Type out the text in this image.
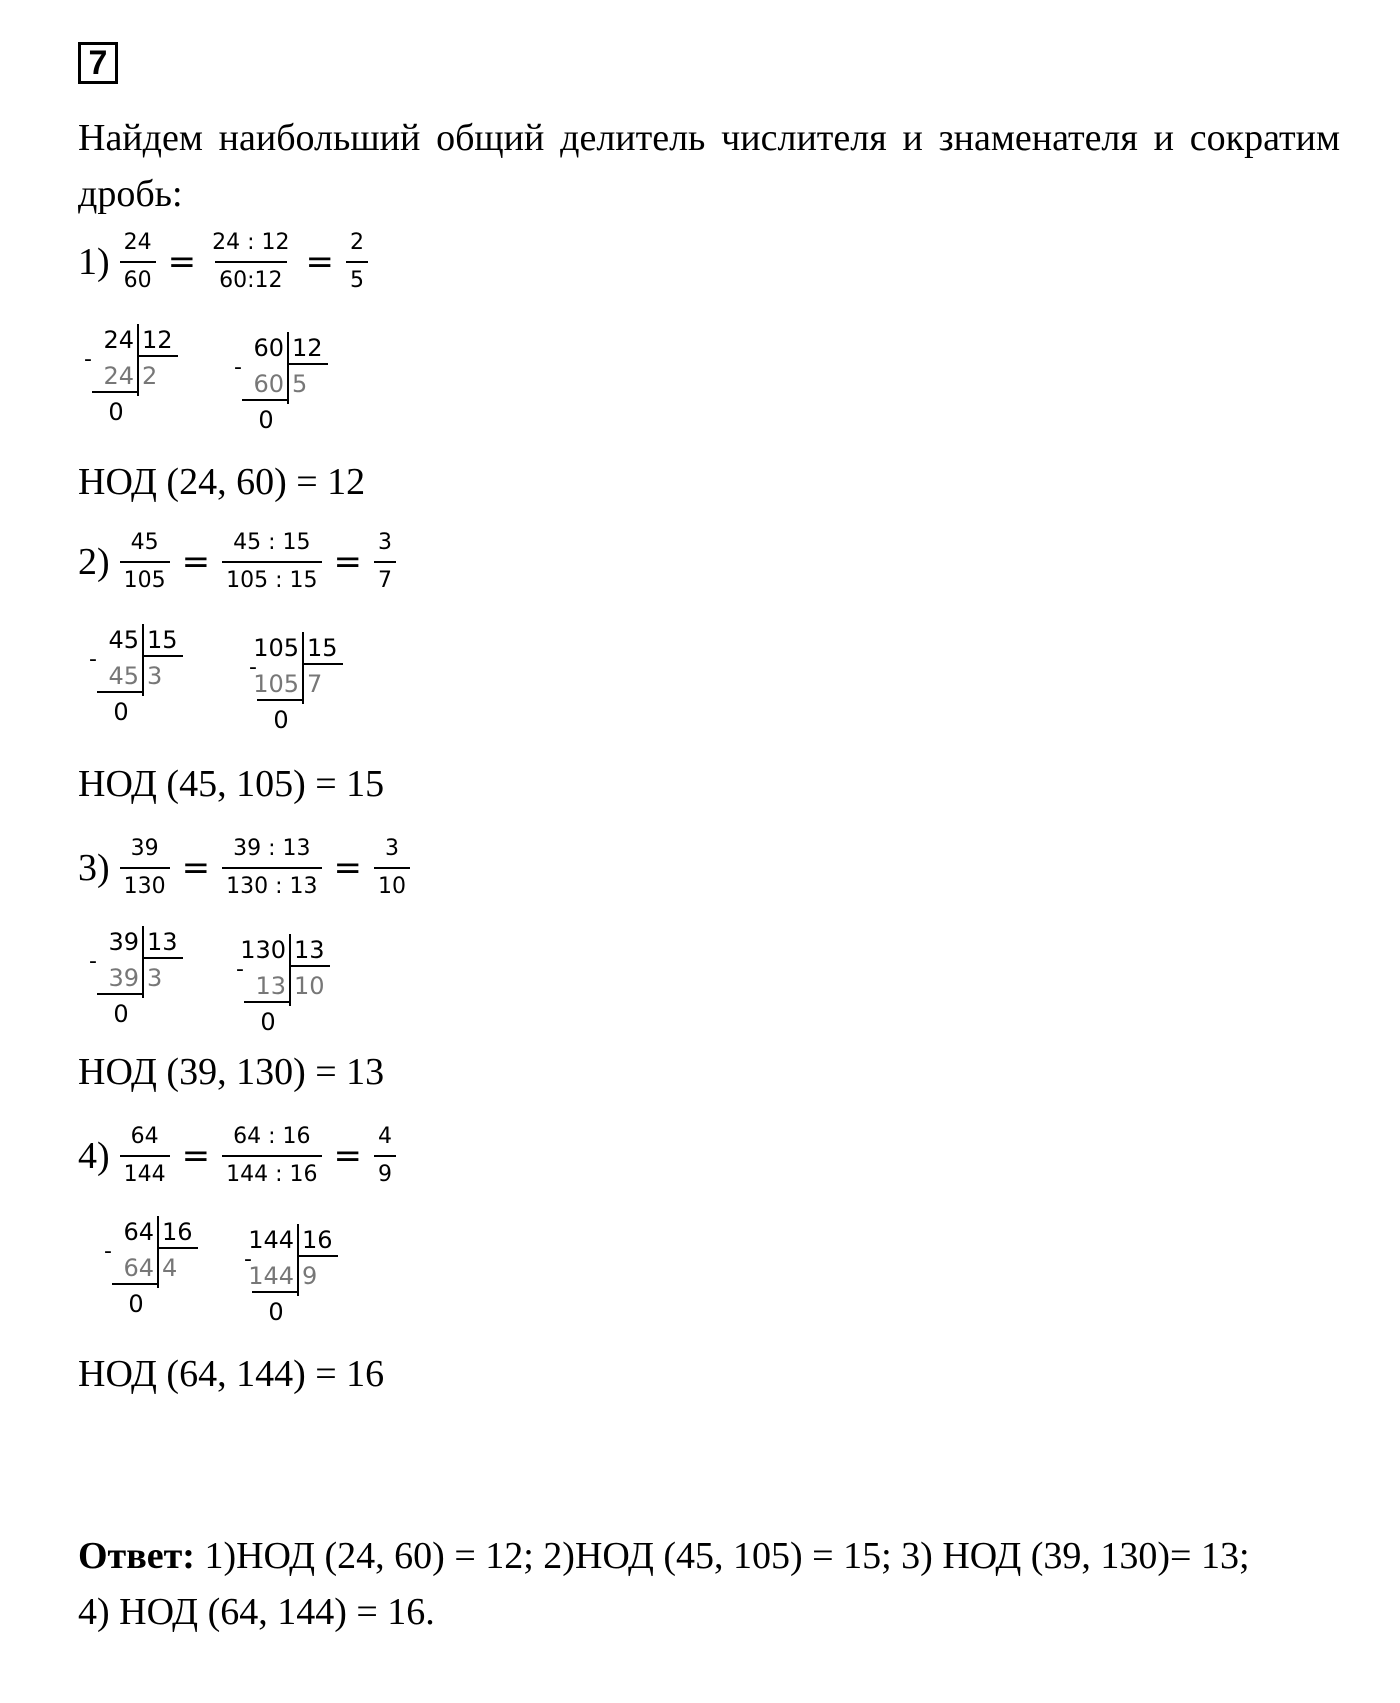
7
Найдем наибольший общий делитель числителя и знаменателя и сократим дробь:
$1) \frac{24}{60} = \frac{24 : 12}{60:12} = \frac{2}{5}$
24 12
24 2
0
-	60 12
60 5
0
-
НОД (24, 60) = 12
$2) \frac{45}{105} = \frac{45 : 15}{105 : 15} = \frac{3}{7}$
45 15
45 3
0
-	105 15
105 7
0
-
НОД (45, 105) = 15
$3) \frac{39}{130} = \frac{39 : 13}{130 : 13} = \frac{3}{10}$
39 13
39 3
0
-	130 13
13 10
0
-
НОД (39, 130) = 13
$4) \frac{64}{144} = \frac{64 : 16}{144 : 16} = \frac{4}{9}$
64 16
64 4
0
-	144 16
144 9
0
-
НОД (64, 144) = 16
Ответ: 1)НОД (24, 60) = 12; 2)НОД (45, 105) = 15; 3) НОД (39, 130)= 13;
4) НОД (64, 144) = 16.
